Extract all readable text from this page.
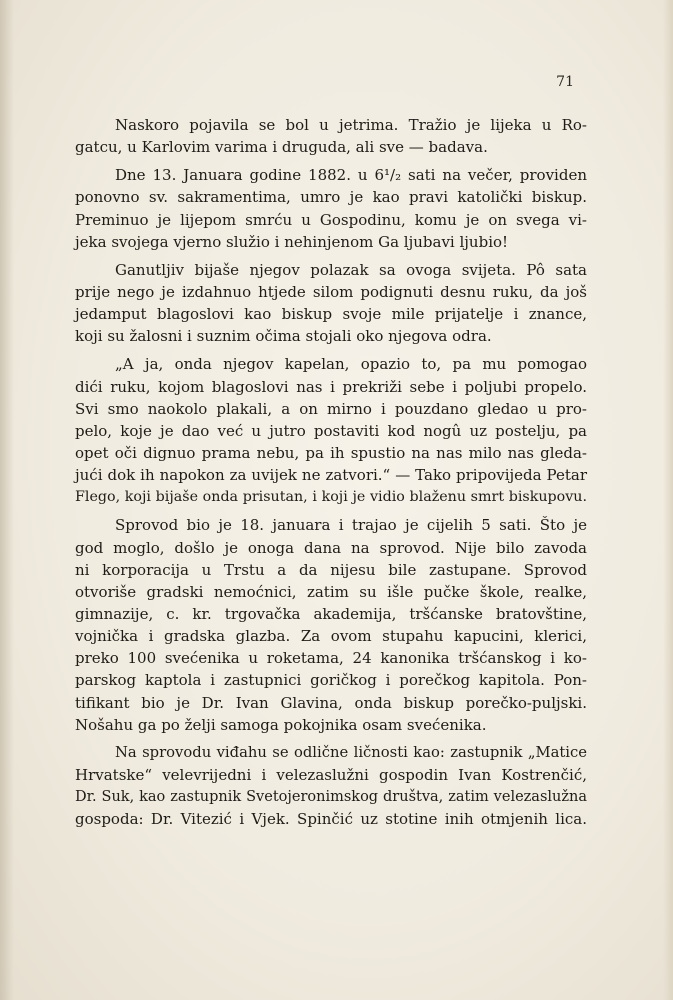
71
Naskoro pojavila se bol u jetrima. Tražio je lijeka u Ro-
gatcu, u Karlovim varima i druguda, ali sve — badava.
Dne 13. Januara godine 1882. u 6¹/₂ sati na večer, providen
ponovno sv. sakramentima, umro je kao pravi katolički biskup.
Preminuo je lijepom smrću u Gospodinu, komu je on svega vi-
jeka svojega vjerno služio i nehinjenom Ga ljubavi ljubio!
Ganutljiv bijaše njegov polazak sa ovoga svijeta. Pô sata
prije nego je izdahnuo htjede silom podignuti desnu ruku, da još
jedamput blagoslovi kao biskup svoje mile prijatelje i znance,
koji su žalosni i suznim očima stojali oko njegova odra.
„A ja, onda njegov kapelan, opazio to, pa mu pomogao
dići ruku, kojom blagoslovi nas i prekriži sebe i poljubi propelo.
Svi smo naokolo plakali, a on mirno i pouzdano gledao u pro-
pelo, koje je dao već u jutro postaviti kod nogû uz postelju, pa
opet oči dignuo prama nebu, pa ih spustio na nas milo nas gleda-
jući dok ih napokon za uvijek ne zatvori.“ — Tako pripovijeda Petar
Flego, koji bijaše onda prisutan, i koji je vidio blaženu smrt biskupovu.
Sprovod bio je 18. januara i trajao je cijelih 5 sati. Što je
god moglo, došlo je onoga dana na sprovod. Nije bilo zavoda
ni korporacija u Trstu a da nijesu bile zastupane. Sprovod
otvoriše gradski nemoćnici, zatim su išle pučke škole, realke,
gimnazije, c. kr. trgovačka akademija, tršćanske bratovštine,
vojnička i gradska glazba. Za ovom stupahu kapucini, klerici,
preko 100 svećenika u roketama, 24 kanonika tršćanskog i ko-
parskog kaptola i zastupnici goričkog i porečkog kapitola. Pon-
tifikant bio je Dr. Ivan Glavina, onda biskup porečko-puljski.
Nošahu ga po želji samoga pokojnika osam svećenika.
Na sprovodu viđahu se odlične ličnosti kao: zastupnik „Matice
Hrvatske“ velevrijedni i velezaslužni gospodin Ivan Kostrenčić,
Dr. Suk, kao zastupnik Svetojeronimskog društva, zatim velezaslužna
gospoda: Dr. Vitezić i Vjek. Spinčić uz stotine inih otmjenih lica.
